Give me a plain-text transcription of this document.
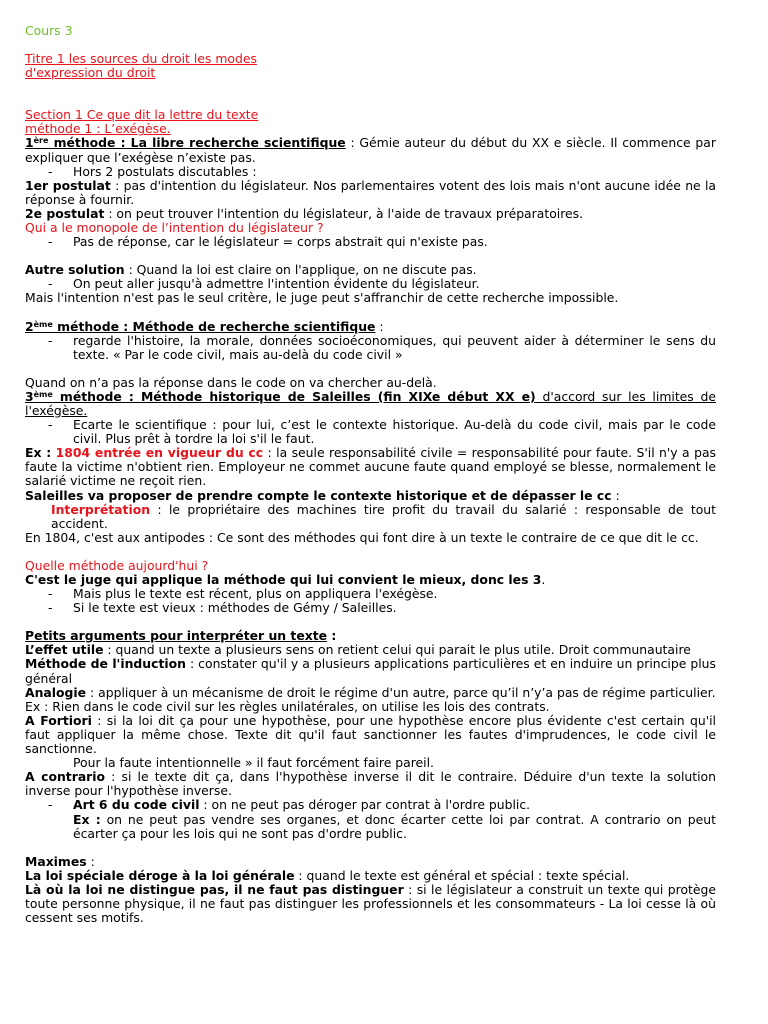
Cours 3

Titre 1 les sources du droit les modes

d'expression du droit

Section 1 Ce que dit la lettre du texte

méthode 1 : L’exégèse.

1ère méthode : La libre recherche scientifique : Gémie auteur du début du XX e siècle. Il commence par expliquer que l’exégèse n’existe pas.

- Hors 2 postulats discutables :

1er postulat : pas d'intention du législateur. Nos parlementaires votent des lois mais n'ont aucune idée ne la réponse à fournir.

2e postulat : on peut trouver l'intention du législateur, à l'aide de travaux préparatoires.

Qui a le monopole de l’intention du législateur ?

- Pas de réponse, car le législateur = corps abstrait qui n'existe pas.

Autre solution : Quand la loi est claire on l'applique, on ne discute pas.

- On peut aller jusqu'à admettre l'intention évidente du législateur.

Mais l'intention n'est pas le seul critère, le juge peut s'affranchir de cette recherche impossible.

2ème méthode : Méthode de recherche scientifique :

- regarde l'histoire, la morale, données socioéconomiques, qui peuvent aider à déterminer le sens du texte. « Par le code civil, mais au-delà du code civil »

Quand on n’a pas la réponse dans le code on va chercher au-delà.

3ème méthode : Méthode historique de Saleilles (fin XIXe début XX e) d'accord sur les limites de l'exégèse.

- Ecarte le scientifique : pour lui, c’est le contexte historique. Au-delà du code civil, mais par le code civil. Plus prêt à tordre la loi s'il le faut.

Ex : 1804 entrée en vigueur du cc : la seule responsabilité civile = responsabilité pour faute. S'il n'y a pas faute la victime n'obtient rien. Employeur ne commet aucune faute quand employé se blesse, normalement le salarié victime ne reçoit rien.

Saleilles va proposer de prendre compte le contexte historique et de dépasser le cc :

Interprétation : le propriétaire des machines tire profit du travail du salarié : responsable de tout accident.

En 1804, c'est aux antipodes : Ce sont des méthodes qui font dire à un texte le contraire de ce que dit le cc.

Quelle méthode aujourd'hui ?

C'est le juge qui applique la méthode qui lui convient le mieux, donc les 3.

- Mais plus le texte est récent, plus on appliquera l'exégèse.

- Si le texte est vieux : méthodes de Gémy / Saleilles.

Petits arguments pour interpréter un texte :

L’effet utile : quand un texte a plusieurs sens on retient celui qui parait le plus utile. Droit communautaire

Méthode de l'induction : constater qu'il y a plusieurs applications particulières et en induire un principe plus général

Analogie : appliquer à un mécanisme de droit le régime d'un autre, parce qu’il n’y’a pas de régime particulier.

Ex : Rien dans le code civil sur les règles unilatérales, on utilise les lois des contrats.

A Fortiori : si la loi dit ça pour une hypothèse, pour une hypothèse encore plus évidente c'est certain qu'il faut appliquer la même chose. Texte dit qu'il faut sanctionner les fautes d'imprudences, le code civil le sanctionne.

Pour la faute intentionnelle » il faut forcément faire pareil.

A contrario : si le texte dit ça, dans l'hypothèse inverse il dit le contraire. Déduire d'un texte la solution inverse pour l'hypothèse inverse.

- Art 6 du code civil : on ne peut pas déroger par contrat à l'ordre public.

Ex : on ne peut pas vendre ses organes, et donc écarter cette loi par contrat. A contrario on peut écarter ça pour les lois qui ne sont pas d'ordre public.

Maximes :

La loi spéciale déroge à la loi générale : quand le texte est général et spécial : texte spécial.

Là où la loi ne distingue pas, il ne faut pas distinguer : si le législateur a construit un texte qui protège toute personne physique, il ne faut pas distinguer les professionnels et les consommateurs - La loi cesse là où cessent ses motifs.
